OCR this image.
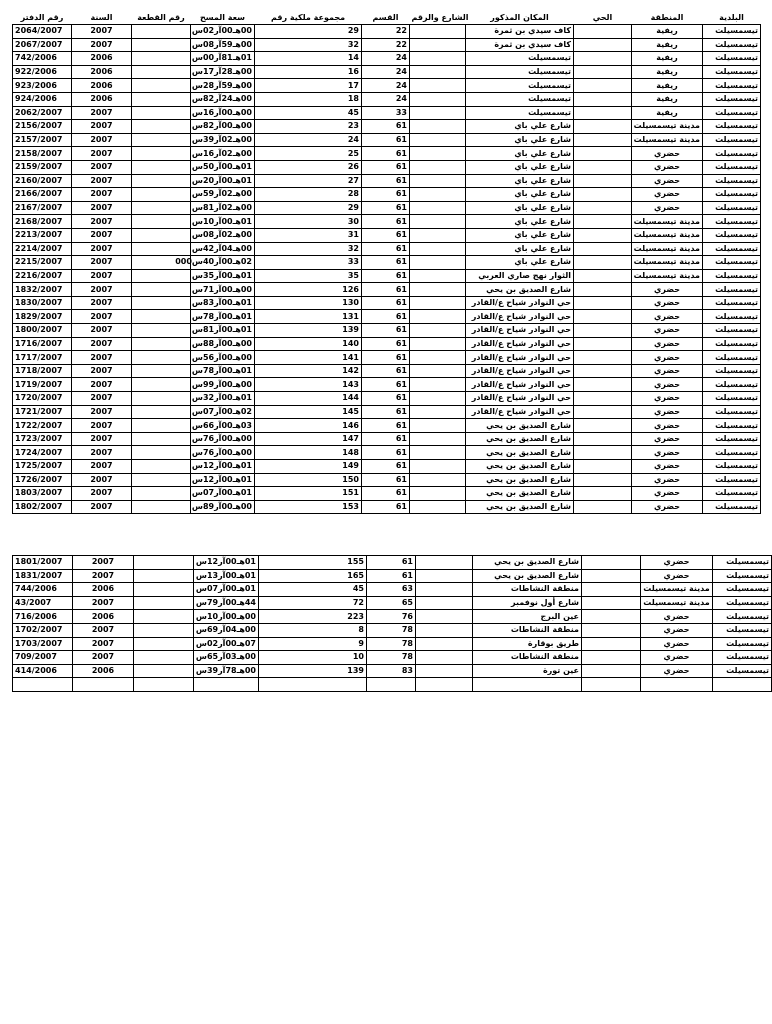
رقم الدفتر	السنة	رقم القطعة	سعة المسح	مجموعة ملكية رقم	القسم	الشارع والرقم	المكان المذكور	الحي	المنطقة	البلدية
2064/2007	2007		00هـ00آر02س	29	22		كاف سيدي بن ثمرة		ريفية	تيسمسيلت
2067/2007	2007		00هـ59آر08س	32	22		كاف سيدي بن ثمرة		ريفية	تيسمسيلت
742/2006	2006		01هـ81آر00س	14	24		تيسمسيلت		ريفية	تيسمسيلت
922/2006	2006		00هـ28آر17س	16	24		تيسمسيلت		ريفية	تيسمسيلت
923/2006	2006		00هـ59آر28س	17	24		تيسمسيلت		ريفية	تيسمسيلت
924/2006	2006		00هـ24آر82س	18	24		تيسمسيلت		ريفية	تيسمسيلت
2062/2007	2007		00هـ00آر16س	45	33		تيسمسيلت		ريفية	تيسمسيلت
2156/2007	2007		00هـ00آر82س	23	61		شارع علي باي		مدينة تيسمسيلت	تيسمسيلت
2157/2007	2007		00هـ02آر39س	24	61		شارع علي باي		مدينة تيسمسيلت	تيسمسيلت
2158/2007	2007		00هـ02آر16س	25	61		شارع علي باي		حضري	تيسمسيلت
2159/2007	2007		01هـ00آر50س	26	61		شارع علي باي		حضري	تيسمسيلت
2160/2007	2007		01هـ00آر20س	27	61		شارع علي باي		حضري	تيسمسيلت
2166/2007	2007		00هـ02آر59س	28	61		شارع علي باي		حضري	تيسمسيلت
2167/2007	2007		00هـ02آر81س	29	61		شارع علي باي		حضري	تيسمسيلت
2168/2007	2007		01هـ00آر10س	30	61		شارع علي باي		مدينة تيسمسيلت	تيسمسيلت
2213/2007	2007		00هـ02آر08س	31	61		شارع علي باي		مدينة تيسمسيلت	تيسمسيلت
2214/2007	2007		00هـ04آر42س	32	61		شارع علي باي		مدينة تيسمسيلت	تيسمسيلت
2215/2007	2007		02هـ00آر40س000	33	61		شارع علي باي		مدينة تيسمسيلت	تيسمسيلت
2216/2007	2007		01هـ00آر35س	35	61		الثوار نهج صاري العربي		مدينة تيسمسيلت	تيسمسيلت
1832/2007	2007		00هـ00آر71س	126	61		شارع الصديق بن يحي		حضري	تيسمسيلت
1830/2007	2007		01هـ00آر83س	130	61		حي النوادر شياح ع/القادر		حضري	تيسمسيلت
1829/2007	2007		01هـ00آر78س	131	61		حي النوادر شياح ع/القادر		حضري	تيسمسيلت
1800/2007	2007		01هـ00آر81س	139	61		حي النوادر شياح ع/القادر		حضري	تيسمسيلت
1716/2007	2007		00هـ00آر88س	140	61		حي النوادر شياح ع/القادر		حضري	تيسمسيلت
1717/2007	2007		00هـ00آر56س	141	61		حي النوادر شياح ع/القادر		حضري	تيسمسيلت
1718/2007	2007		01هـ00آر78س	142	61		حي النوادر شياح ع/القادر		حضري	تيسمسيلت
1719/2007	2007		00هـ00آر99س	143	61		حي النوادر شياح ع/القادر		حضري	تيسمسيلت
1720/2007	2007		01هـ00آر32س	144	61		حي النوادر شياح ع/القادر		حضري	تيسمسيلت
1721/2007	2007		02هـ00آر07س	145	61		حي النوادر شياح ع/القادر		حضري	تيسمسيلت
1722/2007	2007		03هـ00آر66س	146	61		شارع الصديق بن يحي		حضري	تيسمسيلت
1723/2007	2007		00هـ00آر76س	147	61		شارع الصديق بن يحي		حضري	تيسمسيلت
1724/2007	2007		00هـ00آر76س	148	61		شارع الصديق بن يحي		حضري	تيسمسيلت
1725/2007	2007		01هـ00آر12س	149	61		شارع الصديق بن يحي		حضري	تيسمسيلت
1726/2007	2007		01هـ00آر12س	150	61		شارع الصديق بن يحي		حضري	تيسمسيلت
1803/2007	2007		01هـ00آر07س	151	61		شارع الصديق بن يحي		حضري	تيسمسيلت
1802/2007	2007		00هـ00آر89س	153	61		شارع الصديق بن يحي		حضري	تيسمسيلت
1801/2007	2007		01هـ00آر12س	155	61		شارع الصديق بن يحي		حضري	تيسمسيلت
1831/2007	2007		01هـ00آر13س	165	61		شارع الصديق بن يحي		حضري	تيسمسيلت
744/2006	2006		01هـ00آر07س	45	63		منطقة النشاطات		مدينة تيسمسيلت	تيسمسيلت
43/2007	2007		44هـ00آر79س	72	65		شارع أول نوفمبر		مدينة تيسمسيلت	تيسمسيلت
716/2006	2006		00هـ00آر10س	223	76		عين البرج		حضري	تيسمسيلت
1702/2007	2007		00هـ04آر69س	8	78		منطقة النشاطات		حضري	تيسمسيلت
1703/2007	2007		07هـ00آر02س	9	78		طريق بوقارة		حضري	تيسمسيلت
709/2007	2007		00هـ03آر65س	10	78		منطقة النشاطات		حضري	تيسمسيلت
414/2006	2006		00هـ78آر39س	139	83		عين تورة		حضري	تيسمسيلت
